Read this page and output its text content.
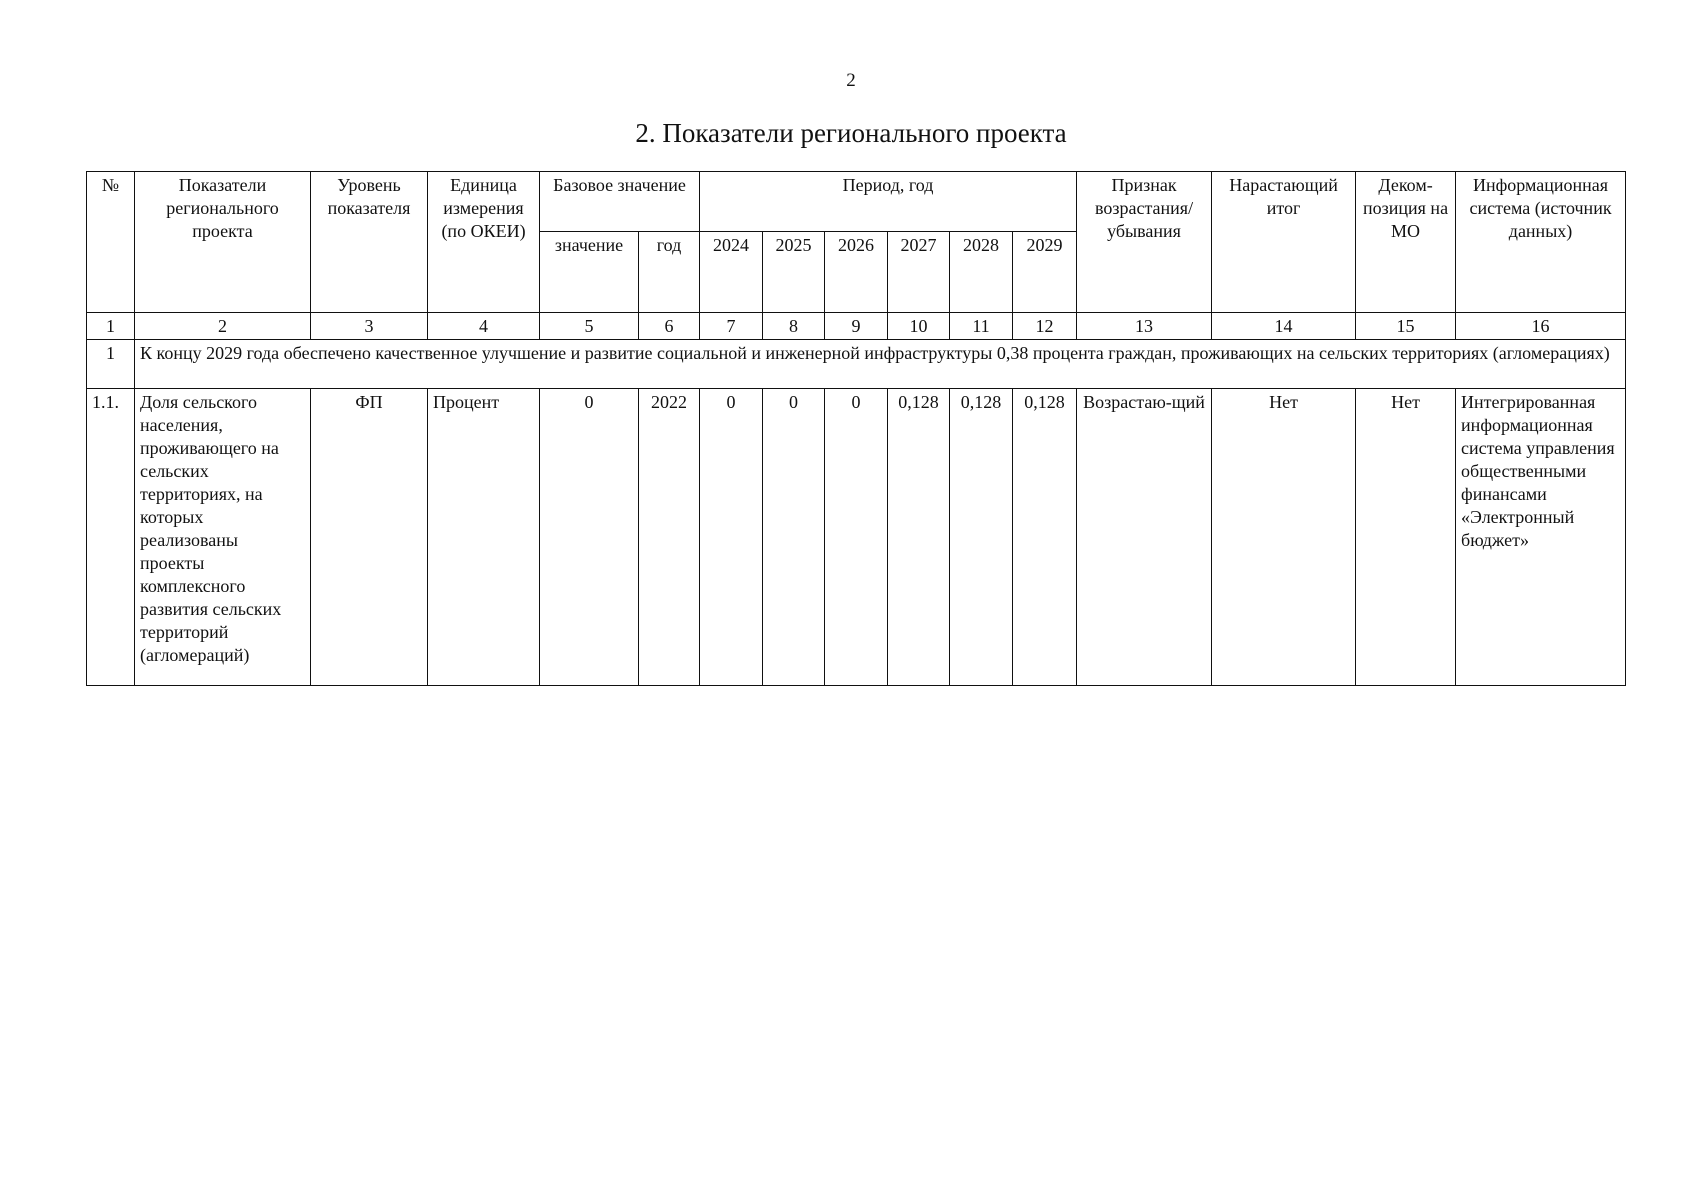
2
2. Показатели регионального проекта
№	Показатели регионального проекта	Уровень показателя	Единица измерения (по ОКЕИ)	Базовое значение		Период, год						Признак возрастания/ убывания	Нарастающий итог	Деком-позиция на МО	Информационная система (источник данных)
				значение	год	2024	2025	2026	2027	2028	2029				
1	2	3	4	5	6	7	8	9	10	11	12	13	14	15	16
1	К концу 2029 года обеспечено качественное улучшение и развитие социальной и инженерной инфраструктуры 0,38 процента граждан, проживающих на сельских территориях (агломерациях)														
1.1.	Доля сельского населения, проживающего на сельских территориях, на которых реализованы проекты комплексного развития сельских территорий (агломераций)	ФП	Процент	0	2022	0	0	0	0,128	0,128	0,128	Возрастаю-щий	Нет	Нет	Интегрированная информационная система управления общественными финансами «Электронный бюджет»
